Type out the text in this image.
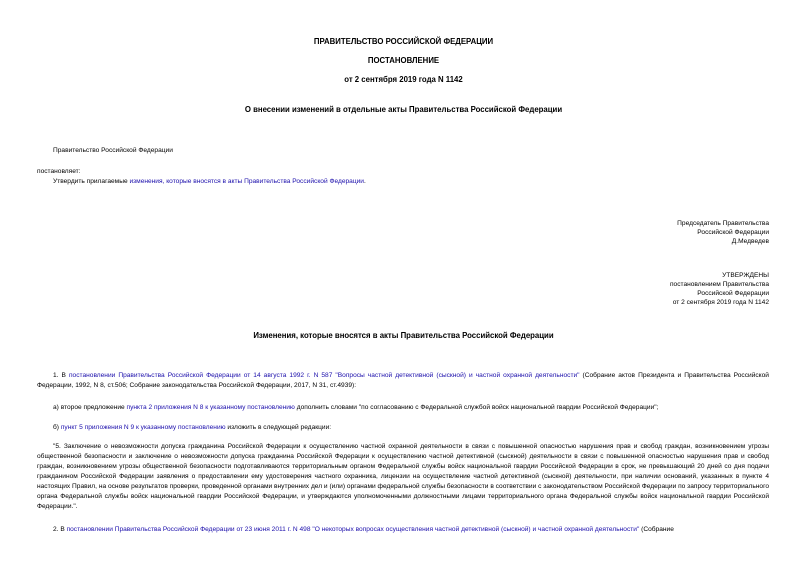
ПРАВИТЕЛЬСТВО РОССИЙСКОЙ ФЕДЕРАЦИИ
ПОСТАНОВЛЕНИЕ
от 2 сентября 2019 года N 1142
О внесении изменений в отдельные акты Правительства Российской Федерации
Правительство Российской Федерации
постановляет:
Утвердить прилагаемые изменения, которые вносятся в акты Правительства Российской Федерации.
Председатель Правительства
Российской Федерации
Д.Медведев
УТВЕРЖДЕНЫ
постановлением Правительства
Российской Федерации
от 2 сентября 2019 года N 1142
Изменения, которые вносятся в акты Правительства Российской Федерации
1. В постановлении Правительства Российской Федерации от 14 августа 1992 г. N 587 "Вопросы частной детективной (сыскной) и частной охранной деятельности" (Собрание актов Президента и Правительства Российской Федерации, 1992, N 8, ст.506; Собрание законодательства Российской Федерации, 2017, N 31, ст.4939):
а) второе предложение пункта 2 приложения N 8 к указанному постановлению дополнить словами "по согласованию с Федеральной службой войск национальной гвардии Российской Федерации";
б) пункт 5 приложения N 9 к указанному постановлению изложить в следующей редакции:
"5. Заключение о невозможности допуска гражданина Российской Федерации к осуществлению частной охранной деятельности в связи с повышенной опасностью нарушения прав и свобод граждан, возникновением угрозы общественной безопасности и заключение о невозможности допуска гражданина Российской Федерации к осуществлению частной детективной (сыскной) деятельности в связи с повышенной опасностью нарушения прав и свобод граждан, возникновением угрозы общественной безопасности подготавливаются территориальным органом Федеральной службы войск национальной гвардии Российской Федерации в срок, не превышающий 20 дней со дня подачи гражданином Российской Федерации заявления о предоставлении ему удостоверения частного охранника, лицензии на осуществление частной детективной (сыскной) деятельности, при наличии оснований, указанных в пункте 4 настоящих Правил, на основе результатов проверки, проведенной органами внутренних дел и (или) органами федеральной службы безопасности в соответствии с законодательством Российской Федерации по запросу территориального органа Федеральной службы войск национальной гвардии Российской Федерации, и утверждаются уполномоченными должностными лицами территориального органа Федеральной службы войск национальной гвардии Российской Федерации.".
2. В постановлении Правительства Российской Федерации от 23 июня 2011 г. N 498 "О некоторых вопросах осуществления частной детективной (сыскной) и частной охранной деятельности" (Собрание
